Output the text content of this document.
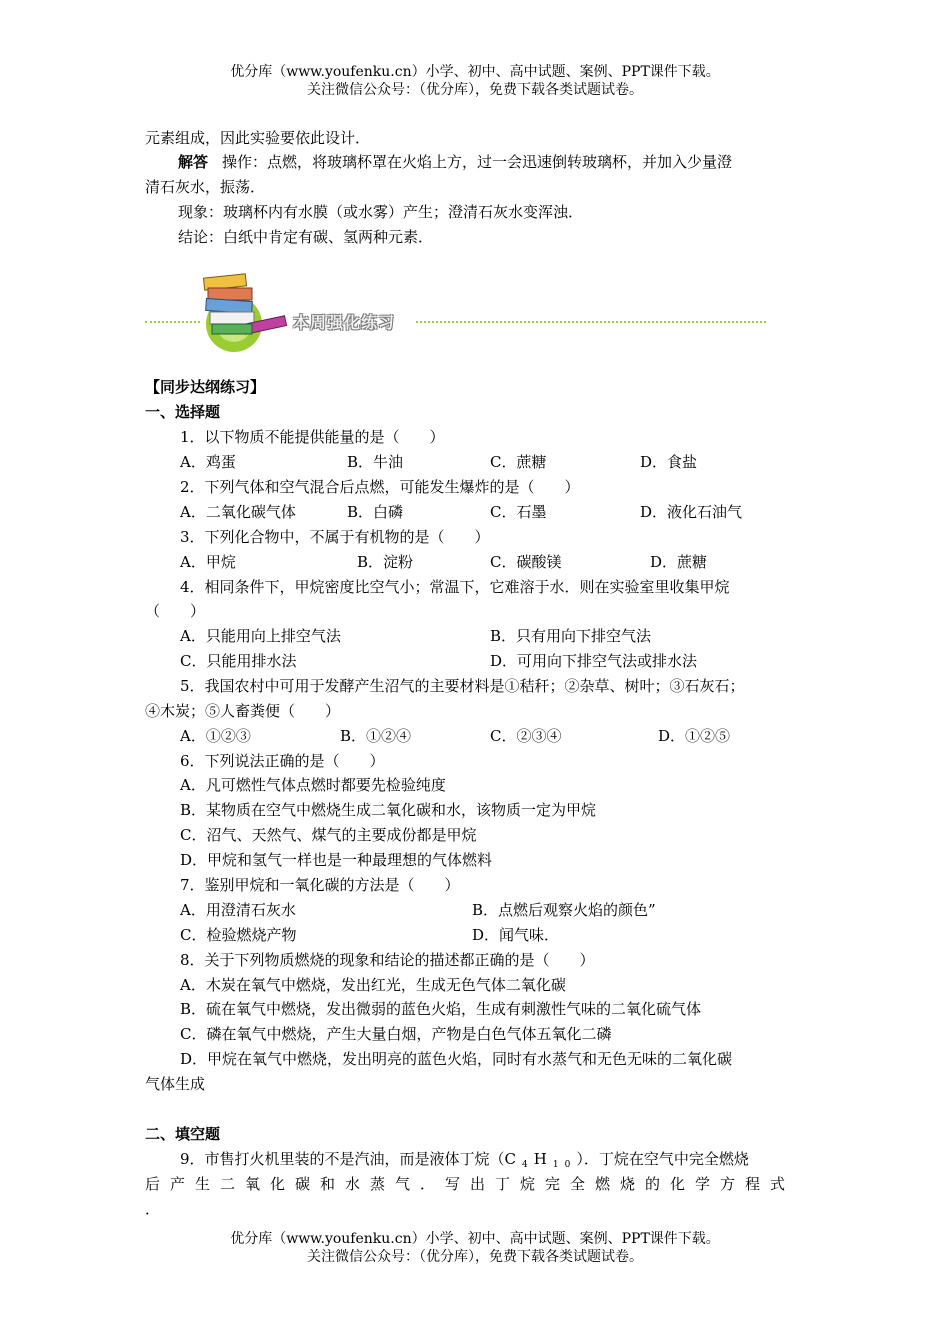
优分库（www.youfenku.cn）小学、初中、高中试题、案例、PPT课件下载。
关注微信公众号：（优分库），免费下载各类试题试卷。
元素组成，因此实验要依此设计．
解答 操作：点燃，将玻璃杯罩在火焰上方，过一会迅速倒转玻璃杯，并加入少量澄
清石灰水，振荡．
现象：玻璃杯内有水膜（或水雾）产生；澄清石灰水变浑浊．
结论：白纸中肯定有碳、氢两种元素．
本周强化练习
【同步达纲练习】
一、选择题
1．以下物质不能提供能量的是（　　）
A．鸡蛋	B．牛油	C．蔗糖	D．食盐
2．下列气体和空气混合后点燃，可能发生爆炸的是（　　）
A．二氧化碳气体	B．白磷	C．石墨	D．液化石油气
3．下列化合物中，不属于有机物的是（　　）
A．甲烷	B．淀粉	C．碳酸镁	D．蔗糖
4．相同条件下，甲烷密度比空气小；常温下，它难溶于水．则在实验室里收集甲烷
（　　）
A．只能用向上排空气法	B．只有用向下排空气法
C．只能用排水法	D．可用向下排空气法或排水法
5．我国农村中可用于发酵产生沼气的主要材料是①秸秆；②杂草、树叶；③石灰石；
④木炭；⑤人畜粪便（　　）
A．①②③	B．①②④	C．②③④	D．①②⑤
6．下列说法正确的是（　　）
A．凡可燃性气体点燃时都要先检验纯度
B．某物质在空气中燃烧生成二氧化碳和水，该物质一定为甲烷
C．沼气、天然气、煤气的主要成份都是甲烷
D．甲烷和氢气一样也是一种最理想的气体燃料
7．鉴别甲烷和一氧化碳的方法是（　　）
A．用澄清石灰水	B．点燃后观察火焰的颜色”
C．检验燃烧产物	D．闻气味．
8．关于下列物质燃烧的现象和结论的描述都正确的是（　　）
A．木炭在氧气中燃烧，发出红光，生成无色气体二氧化碳
B．硫在氧气中燃烧，发出微弱的蓝色火焰，生成有刺激性气味的二氧化硫气体
C．磷在氧气中燃烧，产生大量白烟，产物是白色气体五氧化二磷
D．甲烷在氧气中燃烧，发出明亮的蓝色火焰，同时有水蒸气和无色无味的二氧化碳
气体生成
二、填空题
9．市售打火机里装的不是汽油，而是液体丁烷$(C_4H_{10})$．丁烷在空气中完全燃烧
后产生二氧化碳和水蒸气．写出丁烷完全燃烧的化学方程式
．
优分库（www.youfenku.cn）小学、初中、高中试题、案例、PPT课件下载。
关注微信公众号：（优分库），免费下载各类试题试卷。
